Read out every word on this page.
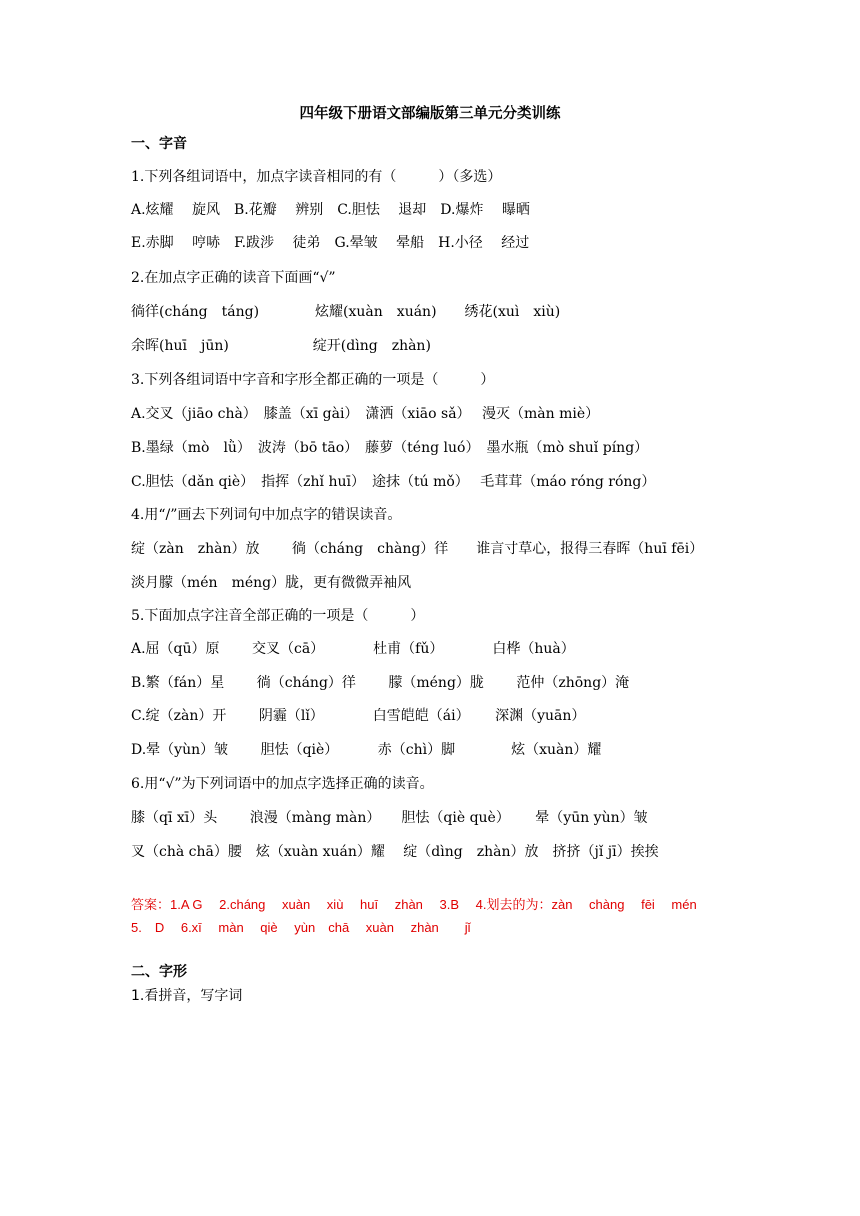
四年级下册语文部编版第三单元分类训练
一、字音
1.下列各组词语中，加点字读音相同的有（　　　）（多选）
A.炫耀　 旋风　B.花瓣　 辨别　C.胆怯　 退却　D.爆炸　 曝晒
E.赤脚　 哼哧　F.跋涉　 徒弟　G.晕皱　 晕船　H.小径　 经过
2.在加点字正确的读音下面画“√”
徜徉(cháng　táng)　　　　炫耀(xuàn　xuán)　　绣花(xuì　xiù)
余晖(huī　jūn)　　　　　　绽开(dìng　zhàn)
3.下列各组词语中字音和字形全都正确的一项是（　　　）
A.交叉（jiāo chà）　膝盖（xī gài）　潇洒（xiāo sǎ）　 漫灭（màn miè）
B.墨绿（mò　lǜ）　波涛（bō tāo）　藤萝（téng luó）　墨水瓶（mò shuǐ píng）
C.胆怯（dǎn qiè）　指挥（zhǐ huī）　途抹（tú mǒ）　 毛茸茸（máo róng róng）
4.用“/”画去下列词句中加点字的错误读音。
绽（zàn　zhàn）放　　 徜（cháng　chàng）徉　　谁言寸草心，报得三春晖（huī fēi）
淡月朦（mén　méng）胧，更有微微弄袖风
5.下面加点字注音全部正确的一项是（　　　）
A.屈（qū）原　　 交叉（cā）　　　　杜甫（fǔ）　　　　白桦（huà）
B.繁（fán）星　　 徜（cháng）徉　　 朦（méng）胧　　 范仲（zhōng）淹
C.绽（zàn）开　　 阴霾（lǐ）　　　　白雪皑皑（ái）　　 深渊（yuān）
D.晕（yùn）皱　　 胆怯（qiè）　　　 赤（chì）脚　　　　炫（xuàn）耀
6.用“√”为下列词语中的加点字选择正确的读音。
膝（qī xī）头　　 浪漫（màng màn）　　胆怯（qiè què）　　 晕（yūn yùn）皱
叉（chà chā）腰　炫（xuàn xuán）耀　 绽（dìng　zhàn）放　挤挤（jǐ jī）挨挨
答案：1.A G　 2.cháng　 xuàn　 xiù　 huī　 zhàn　 3.B　 4.划去的为：zàn　 chàng　 fēi　 mén
5.　D　 6.xī　 màn　 qiè　 yùn　chā　 xuàn　 zhàn　　jǐ
二、字形
1.看拼音，写字词
